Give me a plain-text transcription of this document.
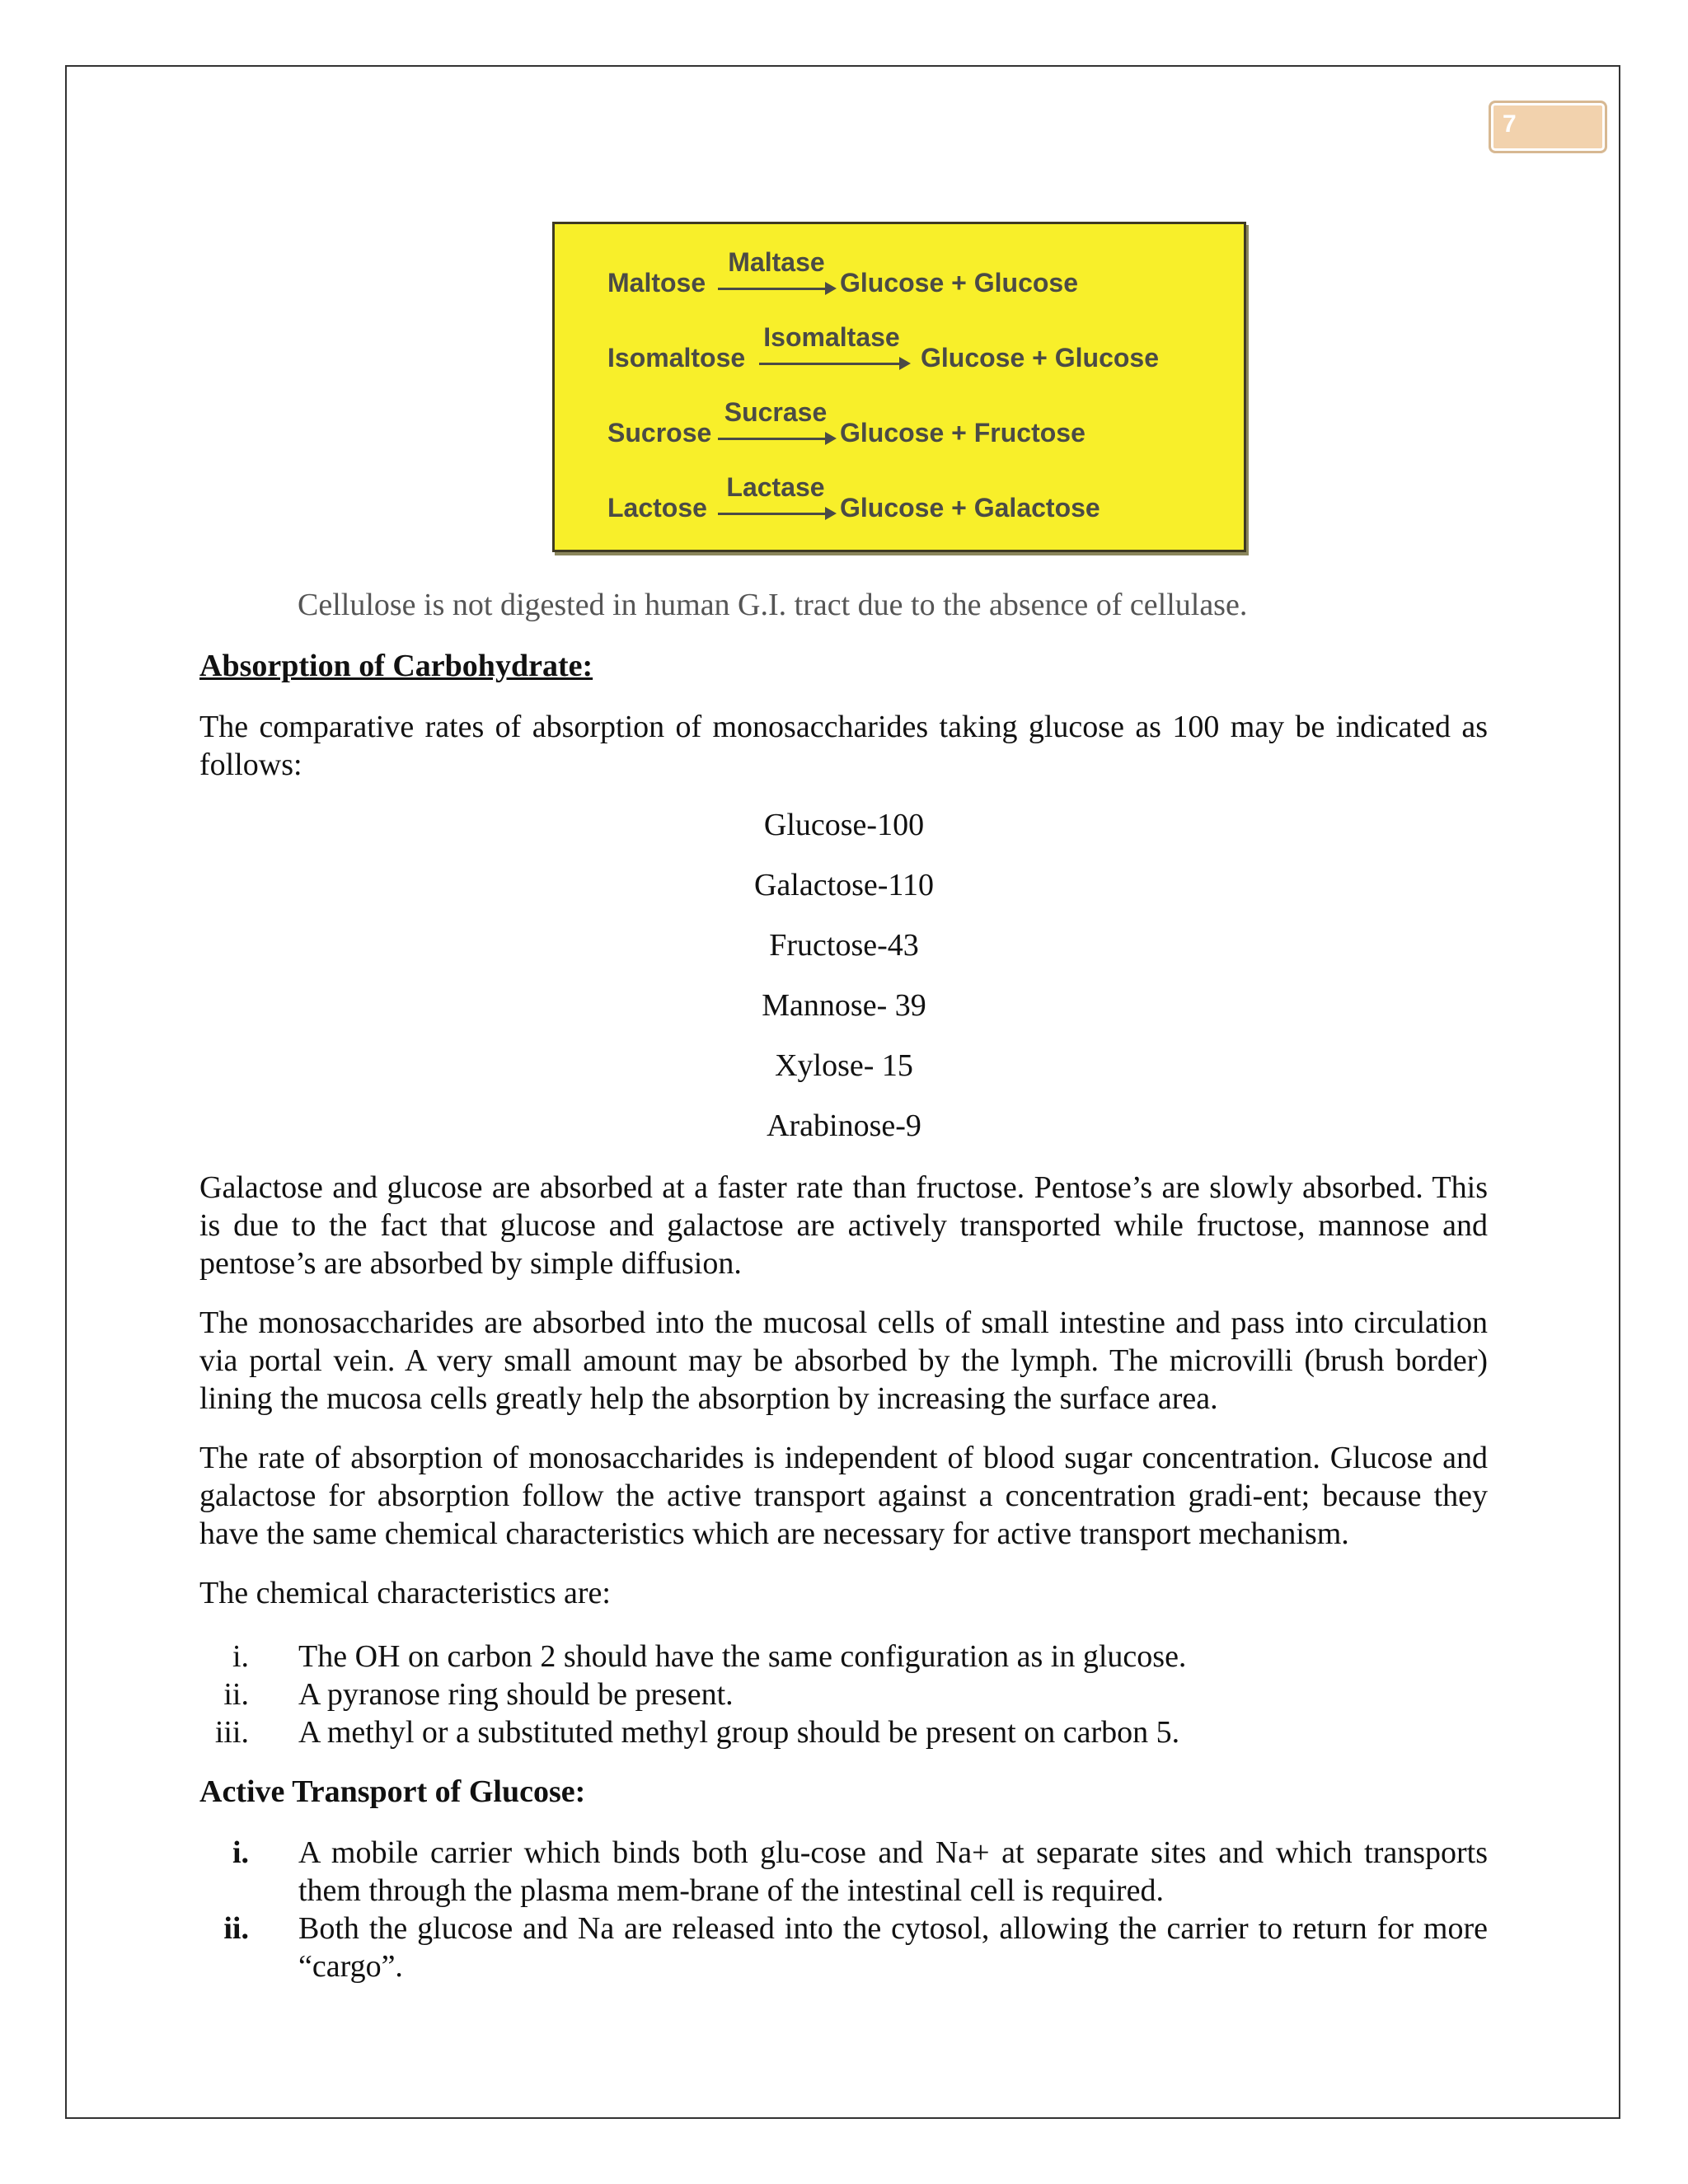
7
Maltose
Maltase
Glucose + Glucose
Isomaltose
Isomaltase
Glucose + Glucose
Sucrose
Sucrase
Glucose + Fructose
Lactose
Lactase
Glucose + Galactose
Cellulose is not digested in human G.I. tract due to the absence of cellulase.
Absorption of Carbohydrate:
The comparative rates of absorption of monosaccharides taking glucose as 100 may be indicated as follows:
Glucose-100
Galactose-110
Fructose-43
Mannose- 39
Xylose- 15
Arabinose-9
Galactose and glucose are absorbed at a faster rate than fructose. Pentose’s are slowly absorbed. This is due to the fact that glucose and galactose are actively transported while fructose, mannose and pentose’s are absorbed by simple diffusion.
The monosaccharides are absorbed into the mucosal cells of small intestine and pass into circulation via portal vein. A very small amount may be absorbed by the lymph. The microvilli (brush border) lining the mucosa cells greatly help the absorption by increasing the surface area.
The rate of absorption of monosaccharides is independent of blood sugar concentration. Glucose and galactose for absorption follow the active transport against a concentration gradi-ent; because they have the same chemical characteristics which are necessary for active transport mechanism.
The chemical characteristics are:
i. The OH on carbon 2 should have the same configuration as in glucose.
ii. A pyranose ring should be present.
iii. A methyl or a substituted methyl group should be present on carbon 5.
Active Transport of Glucose:
i. A mobile carrier which binds both glu-cose and Na+ at separate sites and which transports them through the plasma mem-brane of the intestinal cell is required.
ii. Both the glucose and Na are released into the cytosol, allowing the carrier to return for more “cargo”.
